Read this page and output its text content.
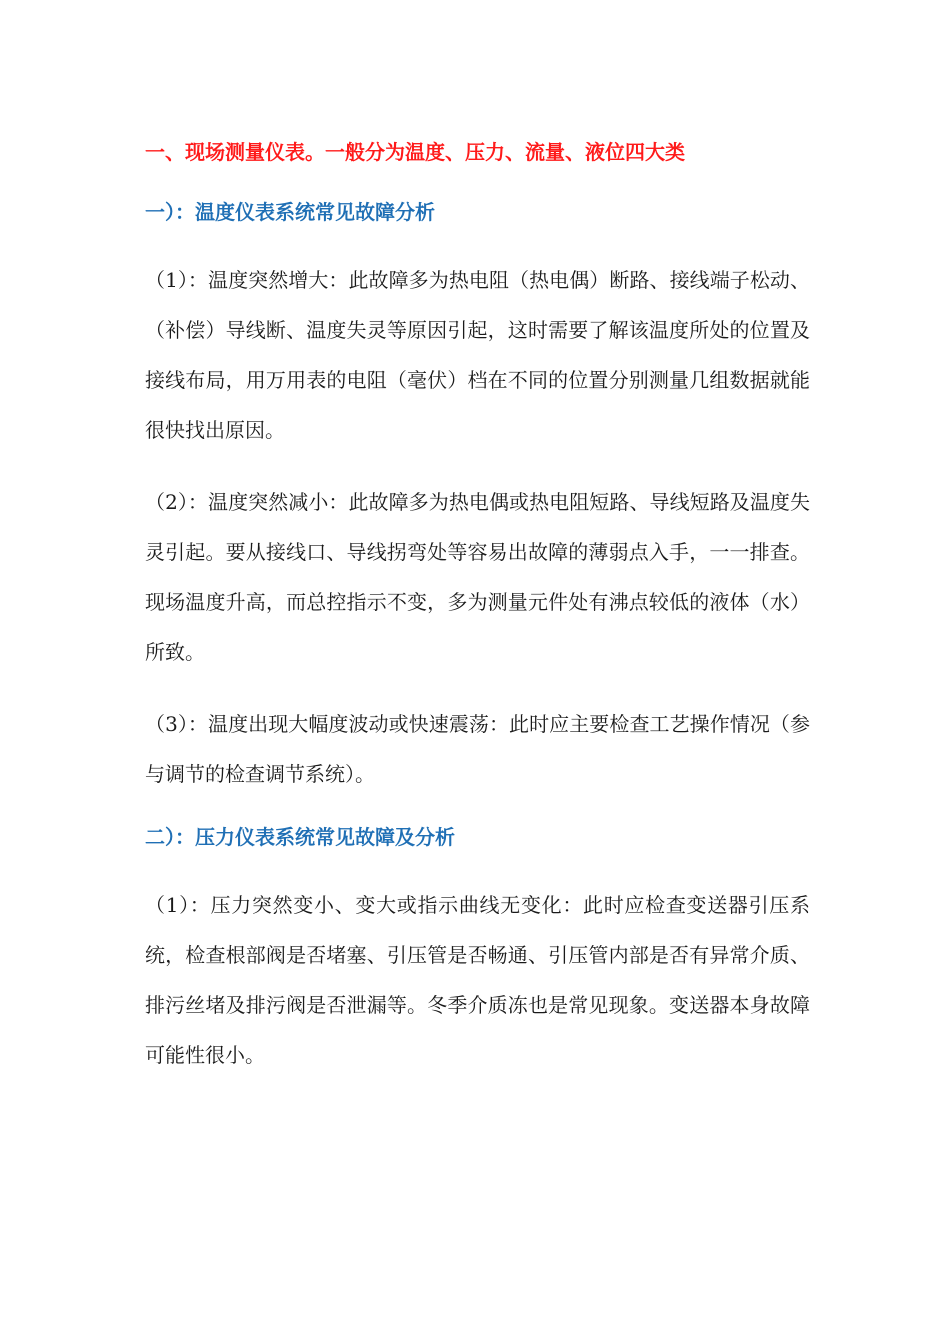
一、现场测量仪表。一般分为温度、压力、流量、液位四大类
一）：温度仪表系统常见故障分析

（1）：温度突然增大：此故障多为热电阻（热电偶）断路、接线端子松动、（补偿）导线断、温度失灵等原因引起，这时需要了解该温度所处的位置及接线布局，用万用表的电阻（毫伏）档在不同的位置分别测量几组数据就能很快找出原因。

（2）：温度突然减小：此故障多为热电偶或热电阻短路、导线短路及温度失灵引起。要从接线口、导线拐弯处等容易出故障的薄弱点入手，一一排查。现场温度升高，而总控指示不变，多为测量元件处有沸点较低的液体（水）所致。

（3）：温度出现大幅度波动或快速震荡：此时应主要检查工艺操作情况（参与调节的检查调节系统）。

二）：压力仪表系统常见故障及分析

（1）：压力突然变小、变大或指示曲线无变化：此时应检查变送器引压系统，检查根部阀是否堵塞、引压管是否畅通、引压管内部是否有异常介质、排污丝堵及排污阀是否泄漏等。冬季介质冻也是常见现象。变送器本身故障可能性很小。
